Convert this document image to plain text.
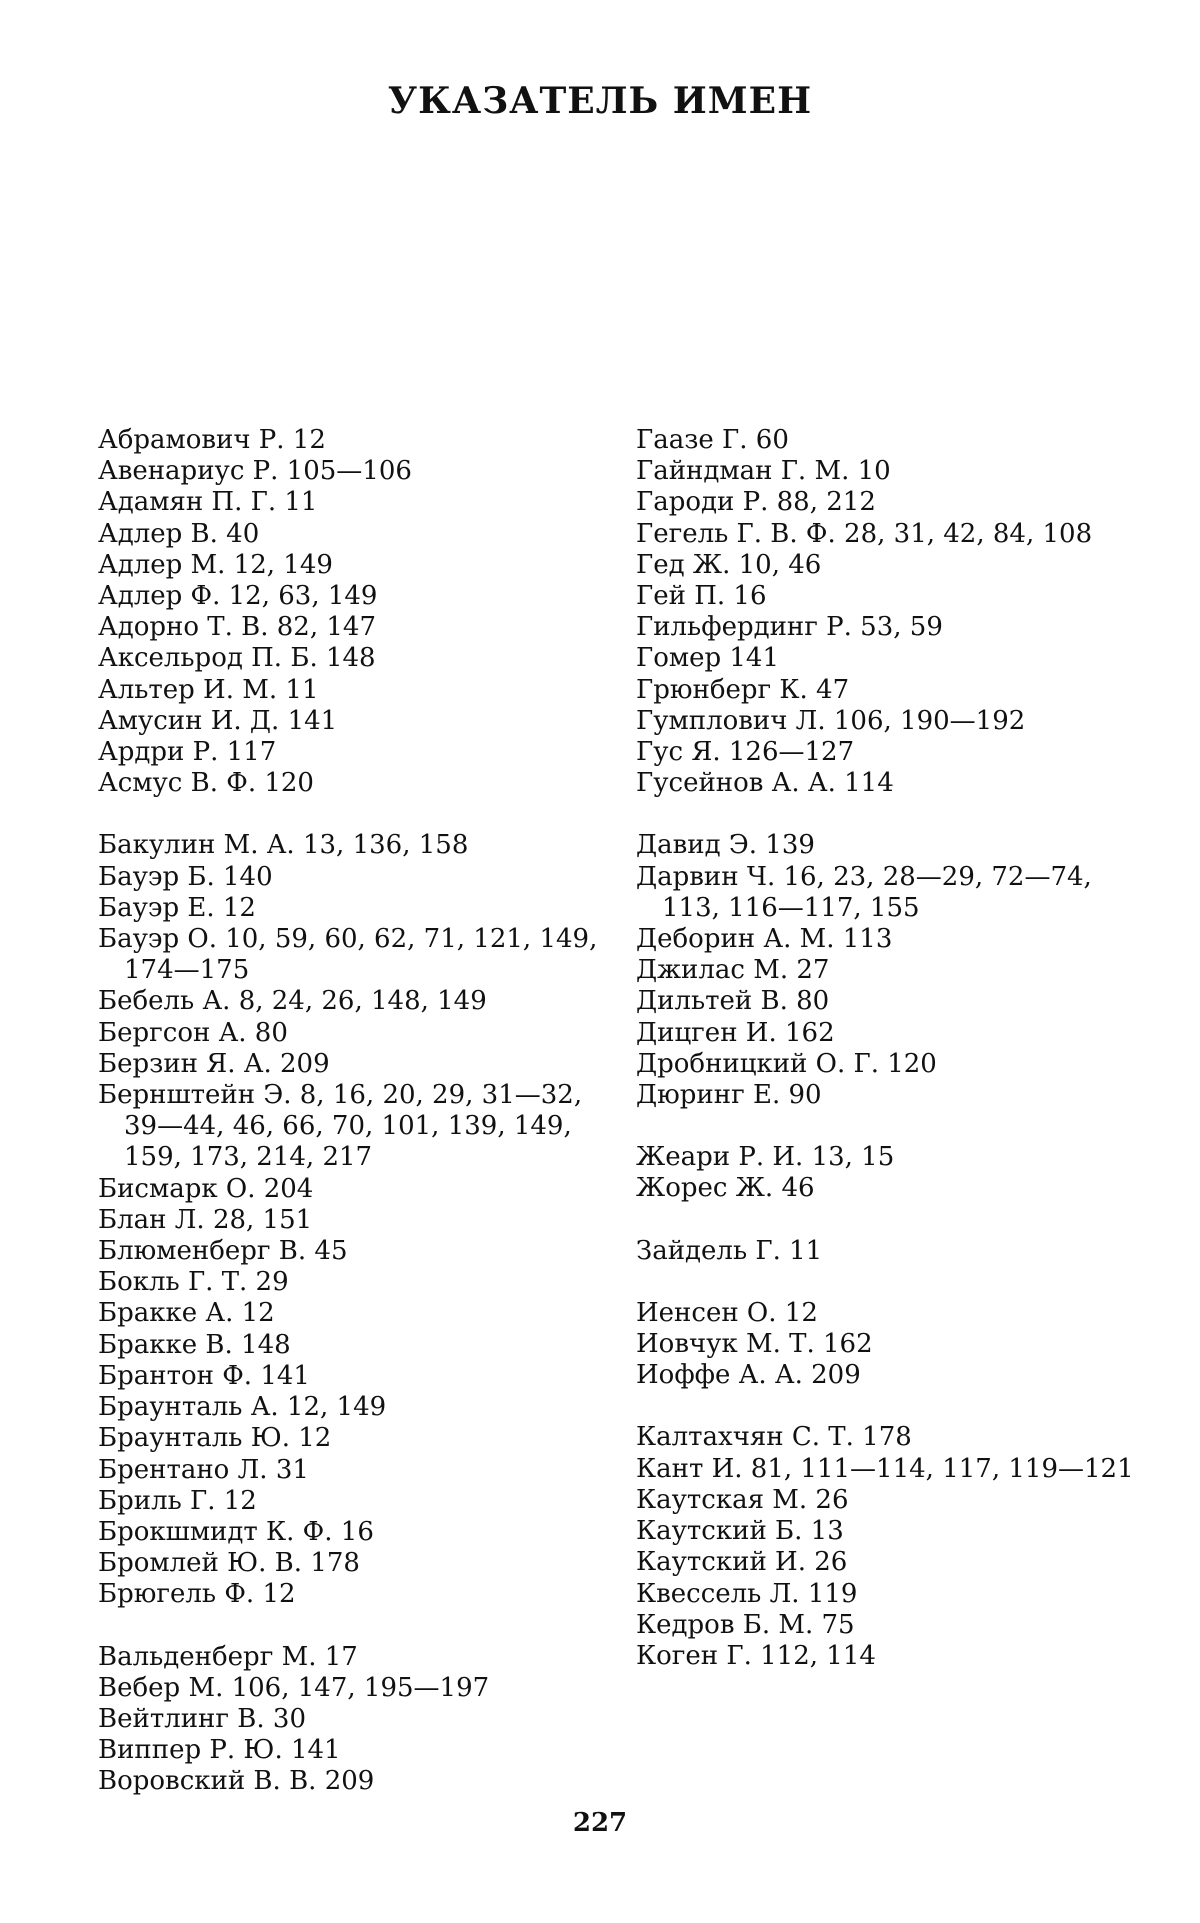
УКАЗАТЕЛЬ ИМЕН
Абрамович Р. 12
Авенариус Р. 105—106
Адамян П. Г. 11
Адлер В. 40
Адлер М. 12, 149
Адлер Ф. 12, 63, 149
Адорно Т. В. 82, 147
Аксельрод П. Б. 148
Альтер И. М. 11
Амусин И. Д. 141
Ардри Р. 117
Асмус В. Ф. 120
Бакулин М. А. 13, 136, 158
Бауэр Б. 140
Бауэр Е. 12
Бауэр О. 10, 59, 60, 62, 71, 121, 149, 174—175
Бебель А. 8, 24, 26, 148, 149
Бергсон А. 80
Берзин Я. А. 209
Бернштейн Э. 8, 16, 20, 29, 31—32, 39—44, 46, 66, 70, 101, 139, 149, 159, 173, 214, 217
Бисмарк О. 204
Блан Л. 28, 151
Блюменберг В. 45
Бокль Г. Т. 29
Бракке А. 12
Бракке В. 148
Брантон Ф. 141
Браунталь А. 12, 149
Браунталь Ю. 12
Брентано Л. 31
Бриль Г. 12
Брокшмидт К. Ф. 16
Бромлей Ю. В. 178
Брюгель Ф. 12
Вальденберг М. 17
Вебер М. 106, 147, 195—197
Вейтлинг В. 30
Виппер Р. Ю. 141
Воровский В. В. 209
Гаазе Г. 60
Гайндман Г. М. 10
Гароди Р. 88, 212
Гегель Г. В. Ф. 28, 31, 42, 84, 108
Гед Ж. 10, 46
Гей П. 16
Гильфердинг Р. 53, 59
Гомер 141
Грюнберг К. 47
Гумплович Л. 106, 190—192
Гус Я. 126—127
Гусейнов А. А. 114
Давид Э. 139
Дарвин Ч. 16, 23, 28—29, 72—74, 113, 116—117, 155
Деборин А. М. 113
Джилас М. 27
Дильтей В. 80
Дицген И. 162
Дробницкий О. Г. 120
Дюринг Е. 90
Жеари Р. И. 13, 15
Жорес Ж. 46
Зайдель Г. 11
Иенсен О. 12
Иовчук М. Т. 162
Иоффе А. А. 209
Калтахчян С. Т. 178
Кант И. 81, 111—114, 117, 119—121
Каутская М. 26
Каутский Б. 13
Каутский И. 26
Квессель Л. 119
Кедров Б. М. 75
Коген Г. 112, 114
227
